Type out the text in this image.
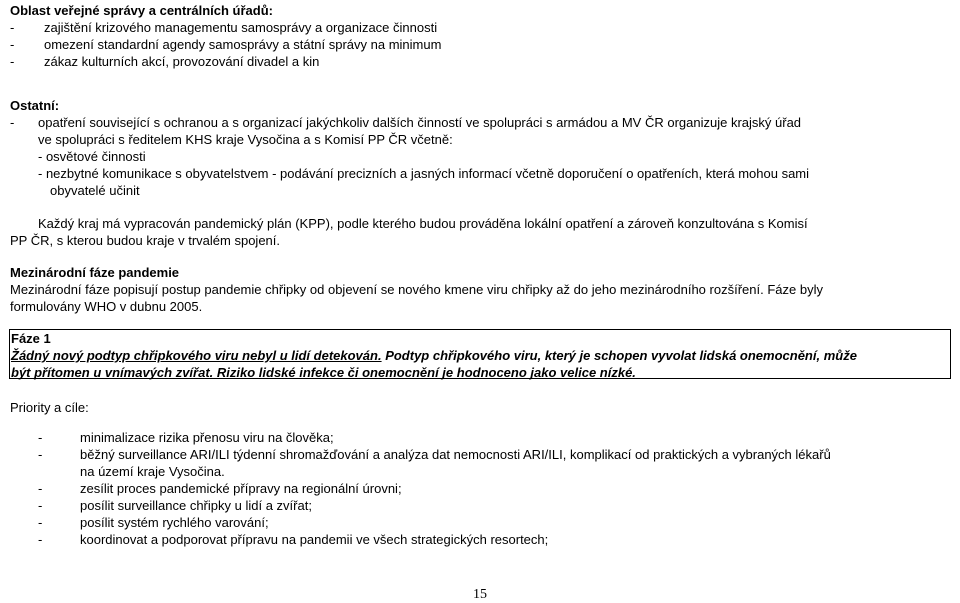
Oblast veřejné správy a centrálních úřadů:
- zajištění krizového managementu samosprávy a organizace činnosti
- omezení standardní agendy samosprávy a státní správy na minimum
- zákaz kulturních akcí, provozování divadel a kin
Ostatní:
- opatření související s ochranou a s organizací jakýchkoliv dalších činností ve spolupráci s armádou a MV ČR organizuje krajský úřad
ve spolupráci s ředitelem KHS kraje Vysočina a s Komisí PP ČR včetně:
- osvětové činnosti
- nezbytné komunikace s obyvatelstvem - podávání precizních a jasných informací včetně doporučení o opatřeních, která mohou sami
obyvatelé učinit
Každý kraj má vypracován pandemický plán (KPP), podle kterého budou prováděna lokální opatření a zároveň konzultována s Komisí
PP ČR, s kterou budou kraje v trvalém spojení.
Mezinárodní fáze pandemie
Mezinárodní fáze popisují postup pandemie chřipky od objevení se nového kmene viru chřipky až do jeho mezinárodního rozšíření. Fáze byly
formulovány WHO v dubnu 2005.
Fáze 1
Žádný nový podtyp chřipkového viru nebyl u lidí detekován. Podtyp chřipkového viru, který je schopen vyvolat lidská onemocnění, může
být přítomen u vnímavých zvířat. Riziko lidské infekce či onemocnění je hodnoceno jako velice nízké.
Priority a cíle:
-	minimalizace rizika přenosu viru na člověka;
-	běžný surveillance ARI/ILI týdenní shromažďování a analýza dat nemocnosti ARI/ILI, komplikací od praktických a vybraných lékařů
na území kraje Vysočina.
-	zesílit proces pandemické přípravy na regionální úrovni;
-	posílit surveillance chřipky u lidí a zvířat;
-	posílit systém rychlého varování;
-	koordinovat a podporovat přípravu na pandemii ve všech strategických resortech;
15
